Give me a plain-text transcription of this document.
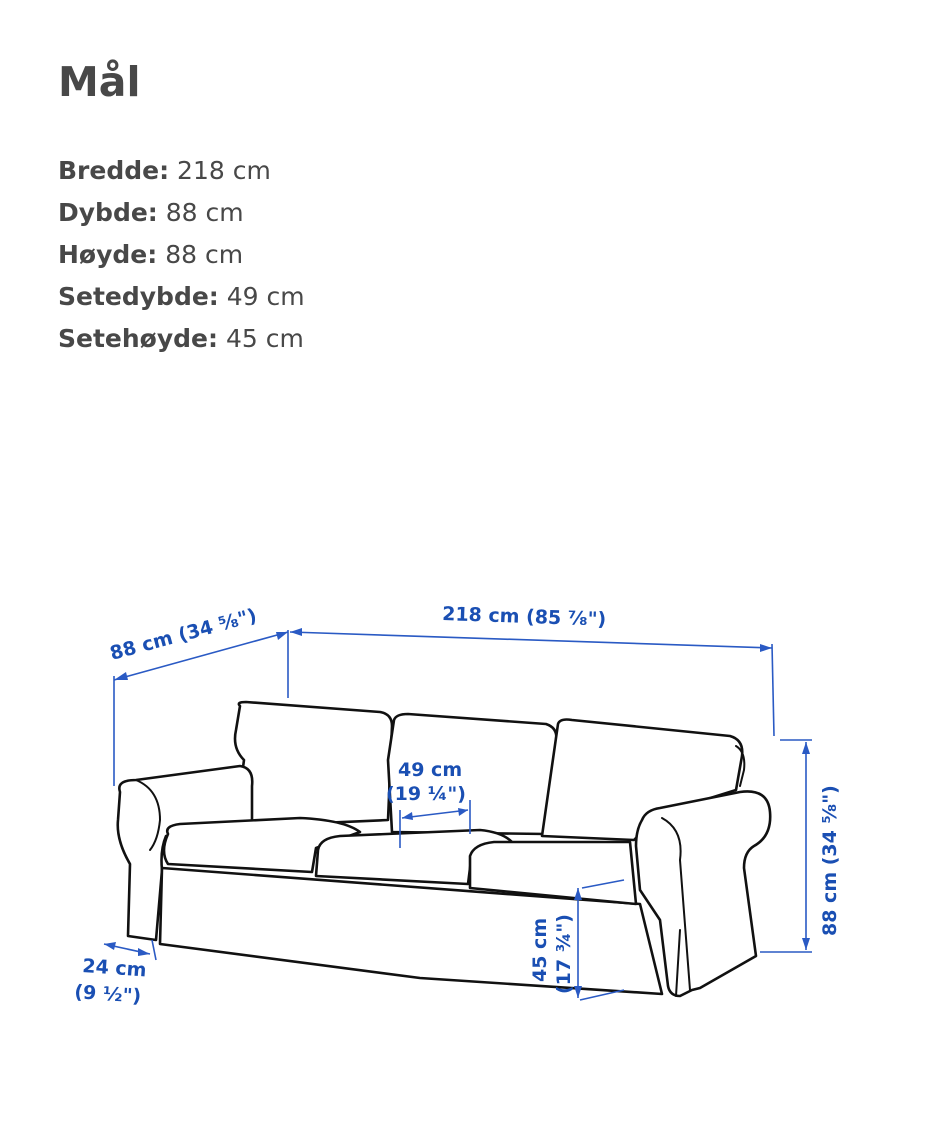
Mål
Bredde: 218 cm
Dybde: 88 cm
Høyde: 88 cm
Setedybde: 49 cm
Setehøyde: 45 cm
88 cm (34 ⁵⁄₈")	218 cm (85 ⁷⁄₈")
88 cm (34 ⁵⁄₈")
49 cm
(19 ¼")
45 cm (17 ¾")
24 cm
(9 ½")
